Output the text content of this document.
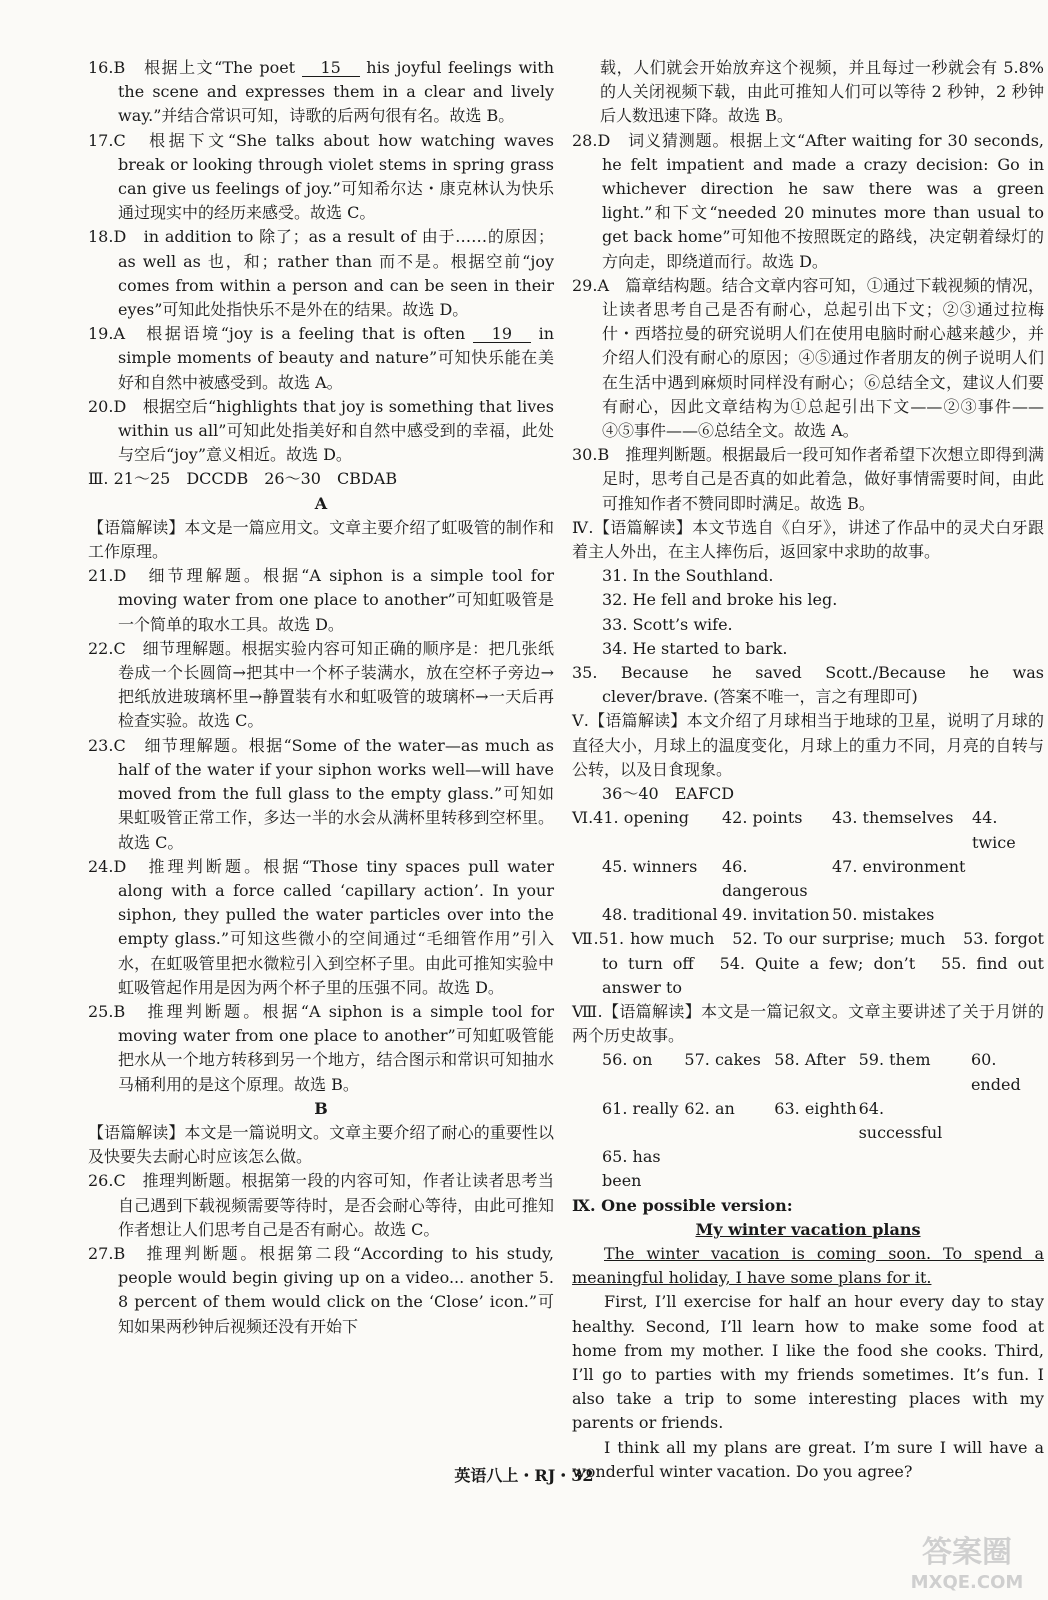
16.B　根据上文“The poet 15 his joyful feelings with the scene and expresses them in a clear and lively way.”并结合常识可知，诗歌的后两句很有名。故选 B。

17.C　根据下文“She talks about how watching waves break or looking through violet stems in spring grass can give us feelings of joy.”可知希尔达・康克林认为快乐通过现实中的经历来感受。故选 C。

18.D　in addition to 除了；as a result of 由于……的原因；as well as 也，和；rather than 而不是。根据空前“joy comes from within a person and can be seen in their eyes”可知此处指快乐不是外在的结果。故选 D。

19.A　根据语境“joy is a feeling that is often 19 in simple moments of beauty and nature”可知快乐能在美好和自然中被感受到。故选 A。

20.D　根据空后“highlights that joy is something that lives within us all”可知此处指美好和自然中感受到的幸福，此处与空后“joy”意义相近。故选 D。

Ⅲ. 21～25　DCCDB　26～30　CBDAB

A

【语篇解读】本文是一篇应用文。文章主要介绍了虹吸管的制作和工作原理。

21.D　细节理解题。根据“A siphon is a simple tool for moving water from one place to another”可知虹吸管是一个简单的取水工具。故选 D。

22.C　细节理解题。根据实验内容可知正确的顺序是：把几张纸卷成一个长圆筒→把其中一个杯子装满水，放在空杯子旁边→把纸放进玻璃杯里→静置装有水和虹吸管的玻璃杯→一天后再检查实验。故选 C。

23.C　细节理解题。根据“Some of the water—as much as half of the water if your siphon works well—will have moved from the full glass to the empty glass.”可知如果虹吸管正常工作，多达一半的水会从满杯里转移到空杯里。故选 C。

24.D　推理判断题。根据“Those tiny spaces pull water along with a force called ‘capillary action’. In your siphon, they pulled the water particles over into the empty glass.”可知这些微小的空间通过“毛细管作用”引入水，在虹吸管里把水微粒引入到空杯子里。由此可推知实验中虹吸管起作用是因为两个杯子里的压强不同。故选 D。

25.B　推理判断题。根据“A siphon is a simple tool for moving water from one place to another”可知虹吸管能把水从一个地方转移到另一个地方，结合图示和常识可知抽水马桶利用的是这个原理。故选 B。

B

【语篇解读】本文是一篇说明文。文章主要介绍了耐心的重要性以及快要失去耐心时应该怎么做。

26.C　推理判断题。根据第一段的内容可知，作者让读者思考当自己遇到下载视频需要等待时，是否会耐心等待，由此可推知作者想让人们思考自己是否有耐心。故选 C。

27.B　推理判断题。根据第二段“According to his study, people would begin giving up on a video... another 5. 8 percent of them would click on the ‘Close’ icon.”可知如果两秒钟后视频还没有开始下

载，人们就会开始放弃这个视频，并且每过一秒就会有 5.8% 的人关闭视频下载，由此可推知人们可以等待 2 秒钟，2 秒钟后人数迅速下降。故选 B。

28.D　词义猜测题。根据上文“After waiting for 30 seconds, he felt impatient and made a crazy decision: Go in whichever direction he saw there was a green light.”和下文“needed 20 minutes more than usual to get back home”可知他不按照既定的路线，决定朝着绿灯的方向走，即绕道而行。故选 D。

29.A　篇章结构题。结合文章内容可知，①通过下载视频的情况，让读者思考自己是否有耐心，总起引出下文；②③通过拉梅什・西塔拉曼的研究说明人们在使用电脑时耐心越来越少，并介绍人们没有耐心的原因；④⑤通过作者朋友的例子说明人们在生活中遇到麻烦时同样没有耐心；⑥总结全文，建议人们要有耐心，因此文章结构为①总起引出下文——②③事件——④⑤事件——⑥总结全文。故选 A。

30.B　推理判断题。根据最后一段可知作者希望下次想立即得到满足时，思考自己是否真的如此着急，做好事情需要时间，由此可推知作者不赞同即时满足。故选 B。

Ⅳ.【语篇解读】本文节选自《白牙》，讲述了作品中的灵犬白牙跟着主人外出，在主人摔伤后，返回家中求助的故事。

31. In the Southland.

32. He fell and broke his leg.

33. Scott’s wife.

34. He started to bark.

35. Because he saved Scott./Because he was clever/brave. (答案不唯一，言之有理即可)

Ⅴ.【语篇解读】本文介绍了月球相当于地球的卫星，说明了月球的直径大小，月球上的温度变化，月球上的重力不同，月亮的自转与公转，以及日食现象。

36～40　EAFCD

Ⅵ.41. opening	42. points	43. themselves	44. twice
45. winners	46. dangerous
47. environment
48. traditional 49. invitation 50. mistakes

Ⅶ.51. how much　52. To our surprise; much　53. forgot to turn off　54. Quite a few; don’t　55. find out answer to

Ⅷ.【语篇解读】本文是一篇记叙文。文章主要讲述了关于月饼的两个历史故事。

56. on	57. cakes 58. After 59. them	60. ended
61. really 62. an	63. eighth 64. successful
65. has been

Ⅸ. One possible version:

My winter vacation plans

The winter vacation is coming soon. To spend a meaningful holiday, I have some plans for it.

First, I’ll exercise for half an hour every day to stay healthy. Second, I’ll learn how to make some food at home from my mother. I like the food she cooks. Third, I’ll go to parties with my friends sometimes. It’s fun. I also take a trip to some interesting places with my parents or friends.

I think all my plans are great. I’m sure I will have a wonderful winter vacation. Do you agree?

英语八上・RJ・32
答案圈
MXQE.COM
